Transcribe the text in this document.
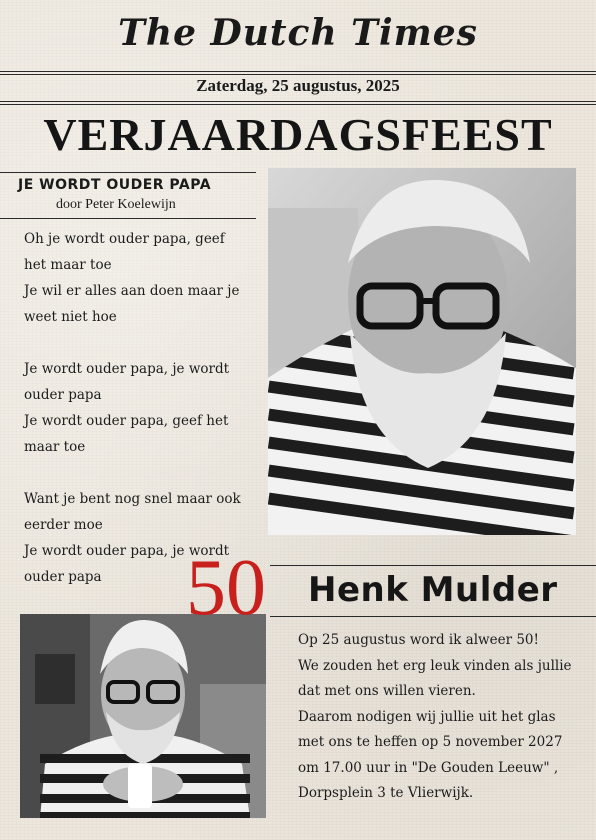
The Dutch Times
Zaterdag, 25 augustus, 2025
VERJAARDAGSFEEST
JE WORDT OUDER PAPA
door Peter Koelewijn

Oh je wordt ouder papa, geef
het maar toe
Je wil er alles aan doen maar je
weet niet hoe

Je wordt ouder papa, je wordt
ouder papa
Je wordt ouder papa, geef het
maar toe

Want je bent nog snel maar ook
eerder moe
Je wordt ouder papa, je wordt
ouder papa	50 Henk Mulder
Op 25 augustus word ik alweer 50!
We zouden het erg leuk vinden als jullie
dat met ons willen vieren.
Daarom nodigen wij jullie uit het glas
met ons te heffen op 5 november 2027
om 17.00 uur in "De Gouden Leeuw" ,
Dorpsplein 3 te Vlierwijk.
